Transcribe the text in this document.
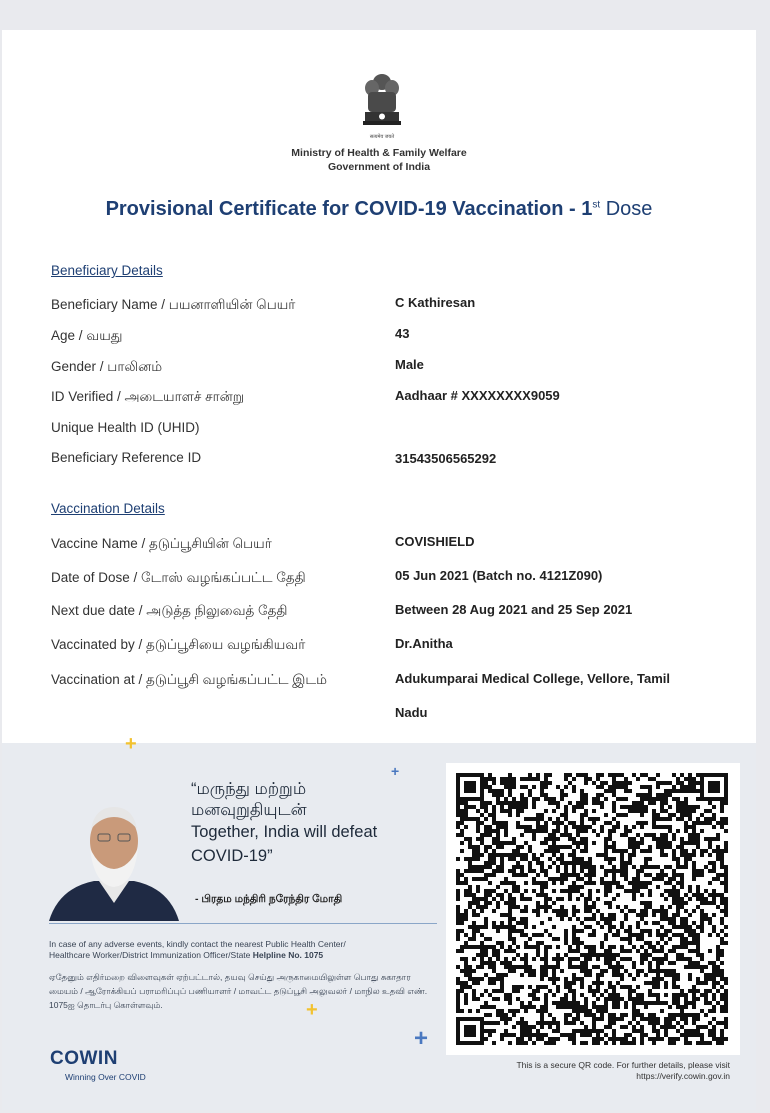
सत्यमेव जयते
Ministry of Health & Family Welfare
Government of India
Provisional Certificate for COVID-19 Vaccination - 1st Dose
Beneficiary Details
Beneficiary Name / பயனாளியின் பெயர்	C Kathiresan
Age / வயது	43
Gender / பாலினம்	Male
ID Verified / அடையாளச் சான்று	Aadhaar # XXXXXXXX9059
Unique Health ID (UHID)
Beneficiary Reference ID	31543506565292
Vaccination Details
Vaccine Name / தடுப்பூசியின் பெயர்	COVISHIELD
Date of Dose / டோஸ் வழங்கப்பட்ட தேதி	05 Jun 2021 (Batch no. 4121Z090)
Next due date / அடுத்த நிலுவைத் தேதி	Between 28 Aug 2021 and 25 Sep 2021
Vaccinated by / தடுப்பூசியை வழங்கியவர்	Dr.Anitha
Vaccination at / தடுப்பூசி வழங்கப்பட்ட இடம்	Adukumparai Medical College, Vellore, Tamil
Nadu
+
+
+
+
“மருந்து மற்றும்
மனவுறுதியுடன்
Together, India will defeat
COVID-19”
- பிரதம மந்திரி நரேந்திர மோதி
In case of any adverse events, kindly contact the nearest Public Health Center/
Healthcare Worker/District Immunization Officer/State Helpline No. 1075
ஏதேனும் எதிர்மறை விளைவுகள் ஏற்பட்டால், தயவு செய்து அருகாமையிலுள்ள பொது சுகாதார மையம் / ஆரோக்கியப் பராமரிப்புப் பணியாளர் / மாவட்ட தடுப்பூசி அலுவலர் / மாநில உதவி எண். 1075ஐ தொடர்பு கொள்ளவும்.
COWIN
Winning Over COVID
This is a secure QR code. For further details, please visit
https://verify.cowin.gov.in
